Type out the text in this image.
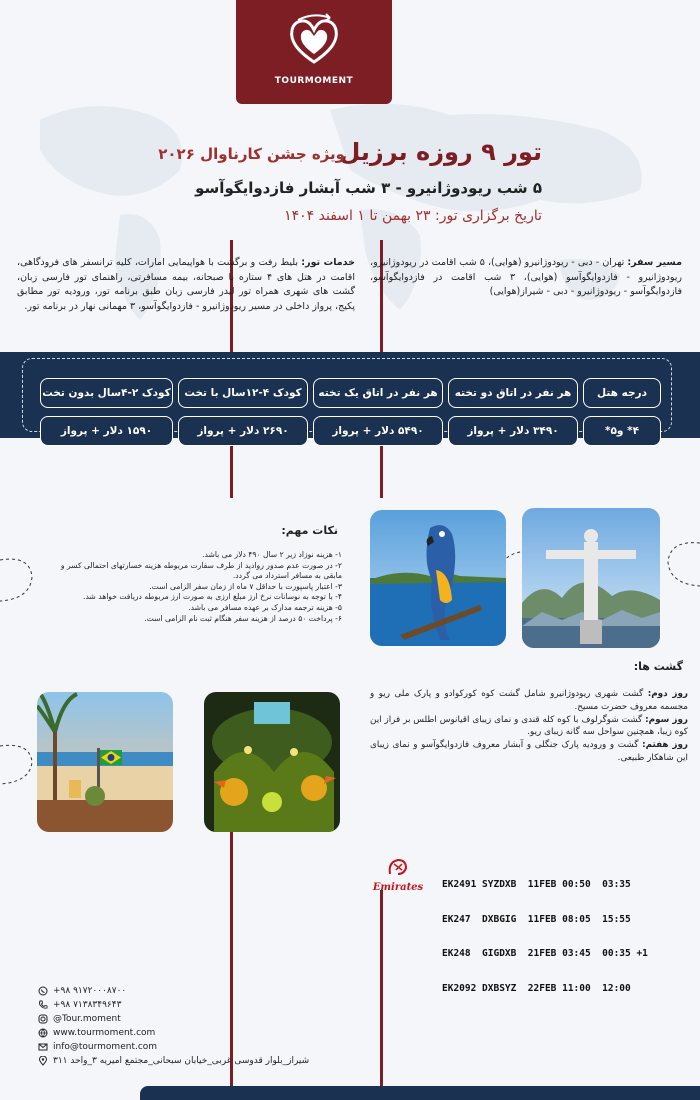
TOURMOMENT
تور ۹ روزه برزیل
ویژه جشن کارناوال ۲۰۲۶
۵ شب ریودوژانیرو - ۳ شب آبشار فازدوایگوآسو
تاریخ برگزاری تور: ۲۳ بهمن تا ۱ اسفند ۱۴۰۴
مسیر سفر: تهران - دبی - ریودوژانیرو (هوایی)، ۵ شب اقامت در ریودوژانیرو، ریودوژانیرو - فازدوایگوآسو (هوایی)، ۳ شب اقامت در فازدوایگوآسو، فازدوایگوآسو - ریودوژانیرو - دبی - شیراز(هوایی)
خدمات تور: بلیط رفت و برگشت با هواپیمایی امارات، کلیه ترانسفر های فرودگاهی، اقامت در هتل های ۴ ستاره با صبحانه، بیمه مسافرتی، راهنمای تور فارسی زبان، گشت های شهری همراه تور لیدر فارسی زبان طبق برنامه تور، ورودیه تور مطابق پکیج، پرواز داخلی در مسیر ریودوژانیرو - فازدوایگوآسو، ۳ مهمانی نهار در برنامه تور.
درجه هتل
هر نفر در اتاق دو تخته
هر نفر در اتاق یک تخته
کودک ۴-۱۲سال با تخت
کودک ۲-۴سال بدون تخت
۴* و۵*
۳۴۹۰ دلار + پرواز
۵۴۹۰ دلار + پرواز
۲۶۹۰ دلار + پرواز
۱۵۹۰ دلار + پرواز
نکات مهم:
۱- هزینه نوزاد زیر ۲ سال ۴۹۰ دلار می باشد.
۲- در صورت عدم صدور روادید از طرف سفارت مربوطه هزینه خسارتهای احتمالی کسر و مابقی به مسافر استرداد می گردد.
۳- اعتبار پاسپورت با حداقل ۷ ماه از زمان سفر الزامی است.
۴- با توجه به نوسانات نرخ ارز مبلغ ارزی به صورت ارز مربوطه دریافت خواهد شد.
۵- هزینه ترجمه مدارک بر عهده مسافر می باشد.
۶- پرداخت ۵۰ درصد از هزینه سفر هنگام ثبت نام الزامی است.
گشت ها:
روز دوم: گشت شهری ریودوژانیرو شامل گشت کوه کورکوادو و پارک ملی ریو و مجسمه معروف حضرت مسیح.
روز سوم: گشت شوگرلوف با کوه کله قندی و نمای زیبای اقیانوس اطلس بر فراز این کوه زیبا، همچنین سواحل سه گانه زیبای ریو.
روز هفتم: گشت و ورودیه پارک جنگلی و آبشار معروف فازدوایگوآسو و نمای زیبای این شاهکار طبیعی.
Emirates

	EK2491 SYZDXB  11FEB 00:50  03:35

EK247  DXBGIG  11FEB 08:05  15:55

EK248  GIGDXB  21FEB 03:45  00:35 +1

EK2092 DXBSYZ  22FEB 11:00  12:00

+۹۸ ۹۱۷۲۰۰۰۸۷۰۰
+۹۸ ۷۱۳۸۳۴۹۶۴۳
@Tour.moment
www.tourmoment.com
info@tourmoment.com
شیراز_بلوار قدوسی غربی_خیابان سبحانی_مجتمع امیریه ۳_واحد ۳۱۱
